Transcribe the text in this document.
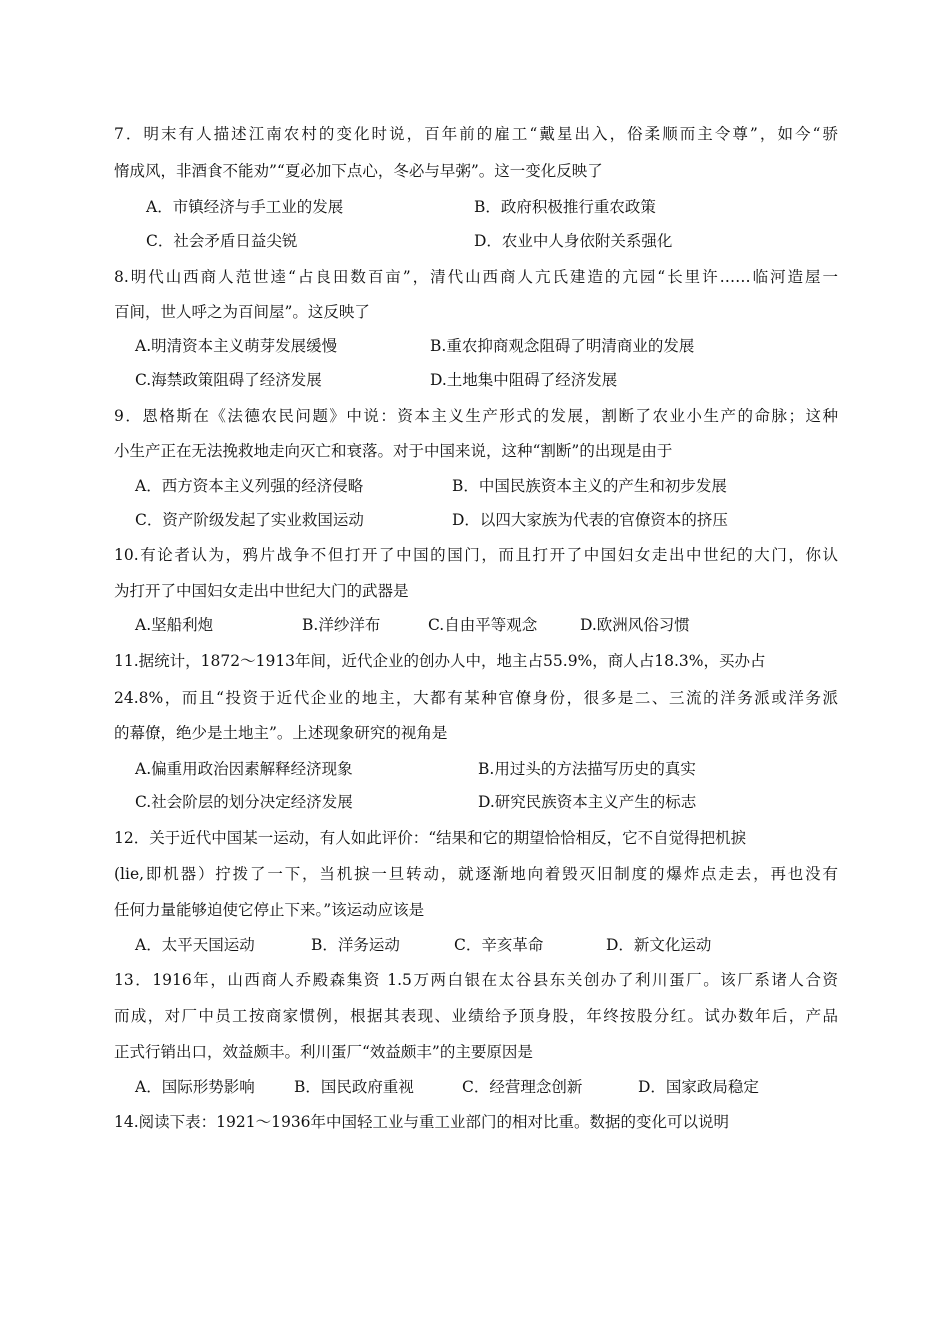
7．明末有人描述江南农村的变化时说，百年前的雇工“戴星出入，俗柔顺而主令尊”，如今“骄
惰成风，非酒食不能劝”“夏必加下点心，冬必与早粥”。这一变化反映了
A．市镇经济与手工业的发展	B．政府积极推行重农政策
C．社会矛盾日益尖锐	D．农业中人身依附关系强化
8.明代山西商人范世逵“占良田数百亩”，清代山西商人亢氏建造的亢园“长里许……临河造屋一
百间，世人呼之为百间屋”。这反映了
A.明清资本主义萌芽发展缓慢	B.重农抑商观念阻碍了明清商业的发展
C.海禁政策阻碍了经济发展	D.土地集中阻碍了经济发展
9．恩格斯在《法德农民问题》中说：资本主义生产形式的发展，割断了农业小生产的命脉；这种
小生产正在无法挽救地走向灭亡和衰落。对于中国来说，这种“割断”的出现是由于
A．西方资本主义列强的经济侵略	B．中国民族资本主义的产生和初步发展
C．资产阶级发起了实业救国运动	D．以四大家族为代表的官僚资本的挤压
10.有论者认为，鸦片战争不但打开了中国的国门，而且打开了中国妇女走出中世纪的大门，你认
为打开了中国妇女走出中世纪大门的武器是
A.坚船利炮	B.洋纱洋布	C.自由平等观念	D.欧洲风俗习惯
11.据统计，1872～1913年间，近代企业的创办人中，地主占55.9%，商人占18.3%，买办占
24.8%，而且“投资于近代企业的地主，大都有某种官僚身份，很多是二、三流的洋务派或洋务派
的幕僚，绝少是土地主”。上述现象研究的视角是
A.偏重用政治因素解释经济现象	B.用过头的方法描写历史的真实
C.社会阶层的划分决定经济发展	D.研究民族资本主义产生的标志
12．关于近代中国某一运动，有人如此评价：“结果和它的期望恰恰相反，它不自觉得把机捩
(lie,即机器）拧拨了一下，当机捩一旦转动，就逐渐地向着毁灭旧制度的爆炸点走去，再也没有
任何力量能够迫使它停止下来。”该运动应该是
A．太平天国运动	B．洋务运动	C．辛亥革命	D．新文化运动
13．1916年，山西商人乔殿森集资 1.5万两白银在太谷县东关创办了利川蛋厂。该厂系诸人合资
而成，对厂中员工按商家惯例，根据其表现、业绩给予顶身股，年终按股分红。试办数年后，产品
正式行销出口，效益颇丰。利川蛋厂“效益颇丰”的主要原因是
A．国际形势影响	B．国民政府重视	C．经营理念创新	D．国家政局稳定
14.阅读下表：1921～1936年中国轻工业与重工业部门的相对比重。数据的变化可以说明
